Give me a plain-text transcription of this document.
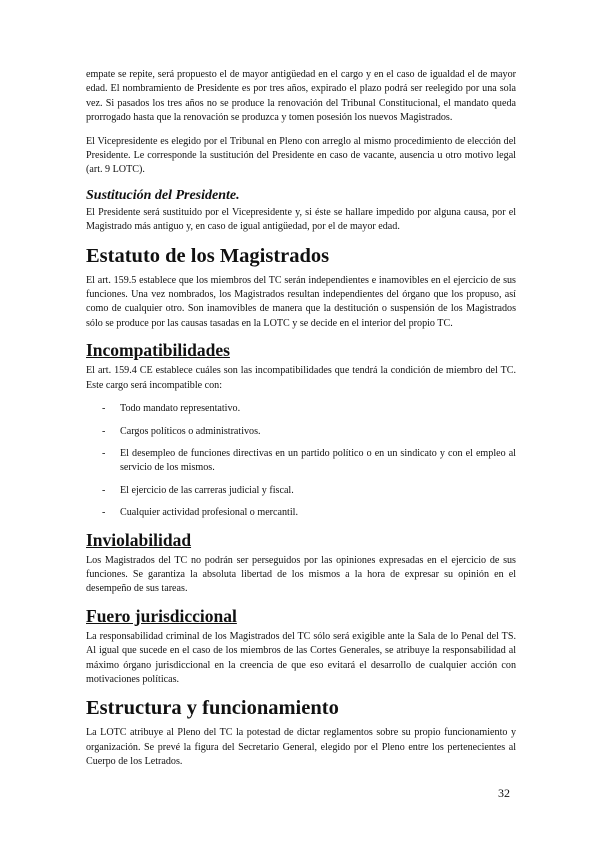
empate se repite, será propuesto el de mayor antigüedad en el cargo y en el caso de igualdad el de mayor edad. El nombramiento de Presidente es por tres años, expirado el plazo podrá ser reelegido por una sola vez. Si pasados los tres años no se produce la renovación del Tribunal Constitucional, el mandato queda prorrogado hasta que la renovación se produzca y tomen posesión los nuevos Magistrados.

El Vicepresidente es elegido por el Tribunal en Pleno con arreglo al mismo procedimiento de elección del Presidente. Le corresponde la sustitución del Presidente en caso de vacante, ausencia u otro motivo legal (art. 9 LOTC).

Sustitución del Presidente.

El Presidente será sustituido por el Vicepresidente y, si éste se hallare impedido por alguna causa, por el Magistrado más antiguo y, en caso de igual antigüedad, por el de mayor edad.

Estatuto de los Magistrados

El art. 159.5 establece que los miembros del TC serán independientes e inamovibles en el ejercicio de sus funciones. Una vez nombrados, los Magistrados resultan independientes del órgano que los propuso, así como de cualquier otro. Son inamovibles de manera que la destitución o suspensión de los Magistrados sólo se produce por las causas tasadas en la LOTC y se decide en el interior del propio TC.

Incompatibilidades

El art. 159.4 CE establece cuáles son las incompatibilidades que tendrá la condición de miembro del TC. Este cargo será incompatible con:

- Todo mandato representativo.
- Cargos políticos o administrativos.
- El desempleo de funciones directivas en un partido político o en un sindicato y con el empleo al servicio de los mismos.
- El ejercicio de las carreras judicial y fiscal.
- Cualquier actividad profesional o mercantil.
Inviolabilidad

Los Magistrados del TC no podrán ser perseguidos por las opiniones expresadas en el ejercicio de sus funciones. Se garantiza la absoluta libertad de los mismos a la hora de expresar su opinión en el desempeño de sus tareas.

Fuero jurisdiccional

La responsabilidad criminal de los Magistrados del TC sólo será exigible ante la Sala de lo Penal del TS. Al igual que sucede en el caso de los miembros de las Cortes Generales, se atribuye la responsabilidad al máximo órgano jurisdiccional en la creencia de que eso evitará el desarrollo de cualquier acción con motivaciones políticas.

Estructura y funcionamiento

La LOTC atribuye al Pleno del TC la potestad de dictar reglamentos sobre su propio funcionamiento y organización. Se prevé la figura del Secretario General, elegido por el Pleno entre los pertenecientes al Cuerpo de los Letrados.

32
